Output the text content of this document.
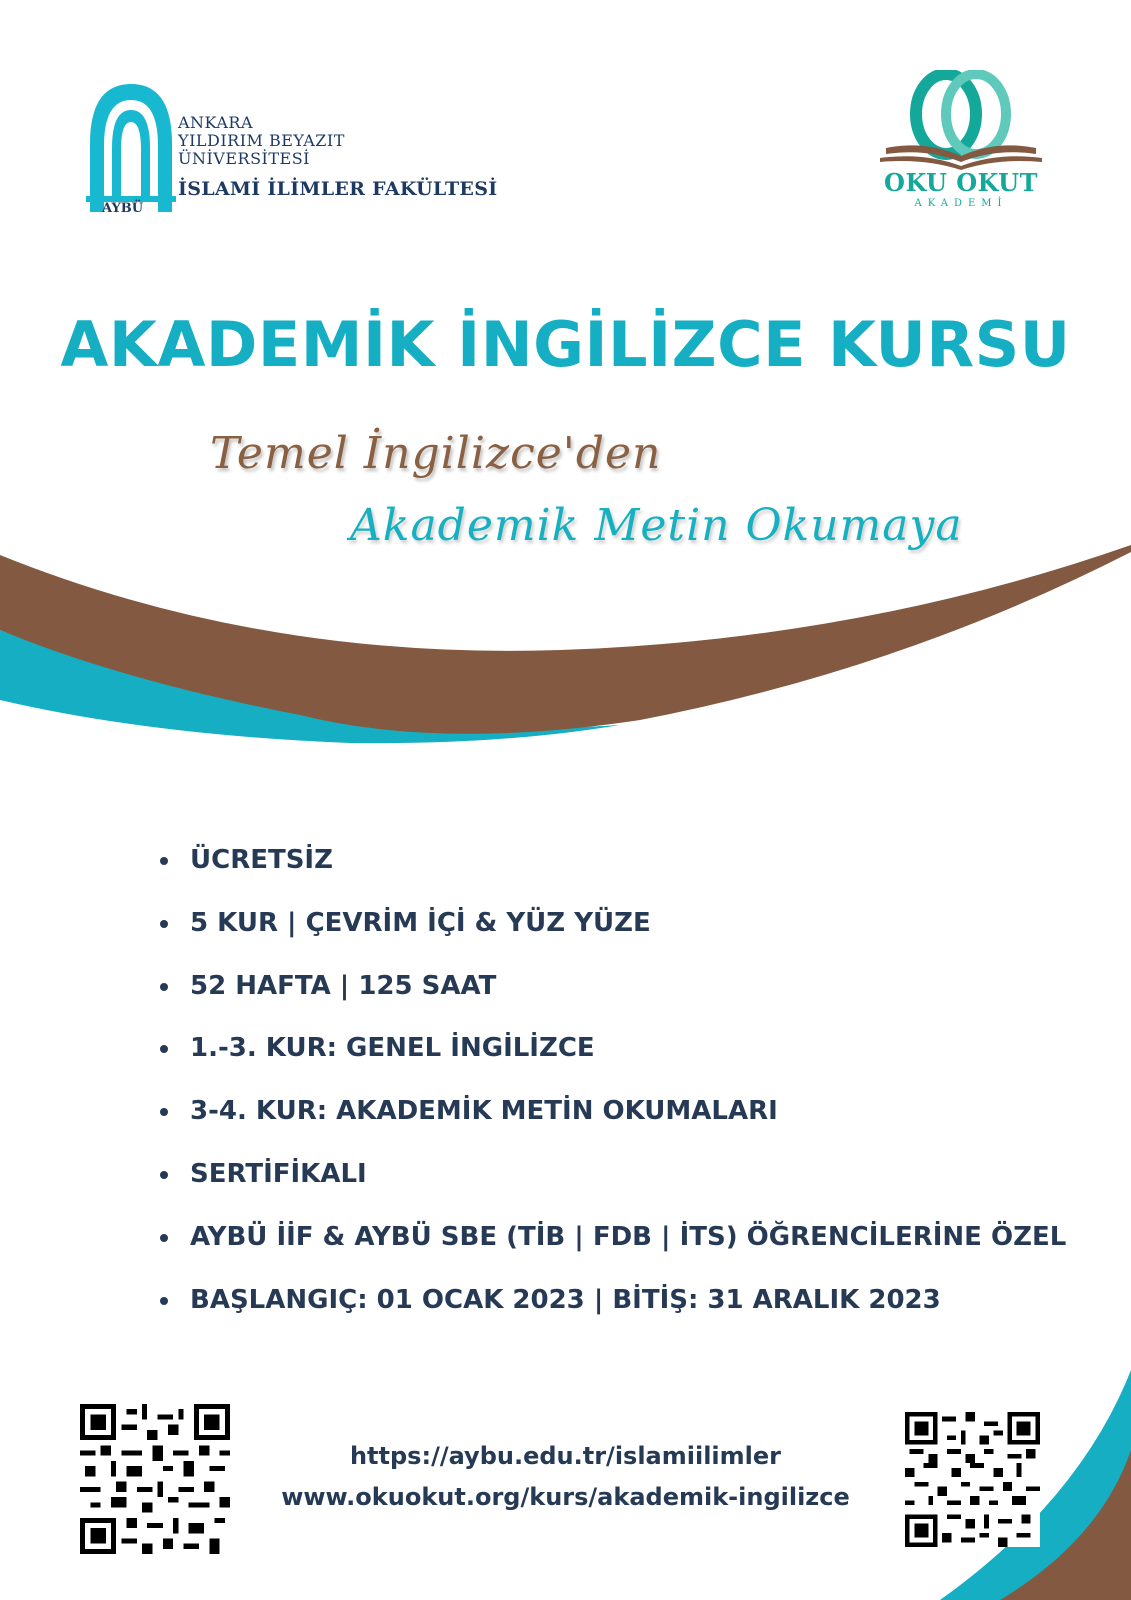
AYBÜ
ANKARA
YILDIRIM BEYAZIT
ÜNİVERSİTESİ
İSLAMİ İLİMLER FAKÜLTESİ	OKU OKUT
AKADEMİ
AKADEMİK İNGİLİZCE KURSU
Temel İngilizce'den
Akademik Metin Okumaya
ÜCRETSİZ
5 KUR | ÇEVRİM İÇİ & YÜZ YÜZE
52 HAFTA | 125 SAAT
1.-3. KUR: GENEL İNGİLİZCE
3-4. KUR: AKADEMİK METİN OKUMALARI
SERTİFİKALI
AYBÜ İİF & AYBÜ SBE (TİB | FDB | İTS) ÖĞRENCİLERİNE ÖZEL
BAŞLANGIÇ: 01 OCAK 2023 | BİTİŞ: 31 ARALIK 2023
https://aybu.edu.tr/islamiilimler
www.okuokut.org/kurs/akademik-ingilizce
